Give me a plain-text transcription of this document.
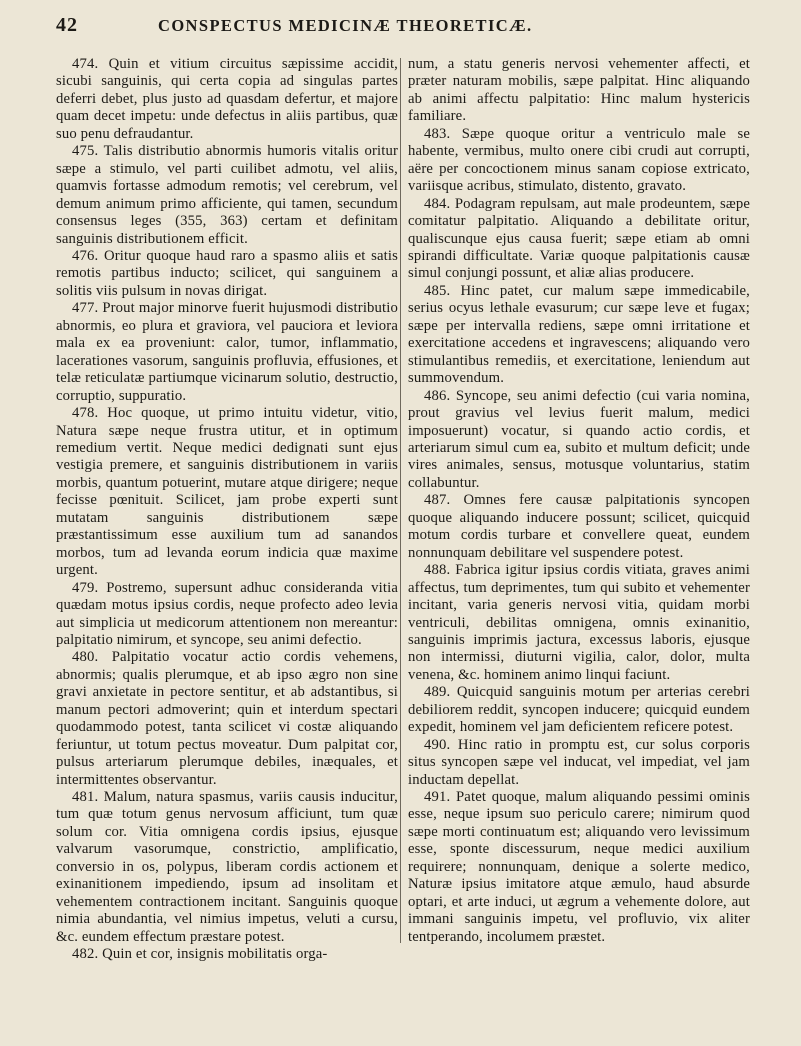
42	CONSPECTUS MEDICINÆ THEORETICÆ.

474. Quin et vitium circuitus sæpissime accidit, sicubi sanguinis, qui certa copia ad singulas partes deferri debet, plus justo ad quasdam defertur, et majore quam decet impetu: unde defectus in aliis partibus, quæ suo penu defraudantur.

475. Talis distributio abnormis humoris vitalis oritur sæpe a stimulo, vel parti cuilibet admotu, vel aliis, quamvis fortasse admodum remotis; vel cerebrum, vel demum animum primo afficiente, qui tamen, secundum consensus leges (355, 363) certam et definitam sanguinis distributionem efficit.

476. Oritur quoque haud raro a spasmo aliis et satis remotis partibus inducto; scilicet, qui sanguinem a solitis viis pulsum in novas dirigat.

477. Prout major minorve fuerit hujusmodi distributio abnormis, eo plura et graviora, vel pauciora et leviora mala ex ea proveniunt: calor, tumor, inflammatio, lacerationes vasorum, sanguinis profluvia, effusiones, et telæ reticulatæ partiumque vicinarum solutio, destructio, corruptio, suppuratio.

478. Hoc quoque, ut primo intuitu videtur, vitio, Natura sæpe neque frustra utitur, et in optimum remedium vertit. Neque medici dedignati sunt ejus vestigia premere, et sanguinis distributionem in variis morbis, quantum potuerint, mutare atque dirigere; neque fecisse pœnituit. Scilicet, jam probe experti sunt mutatam sanguinis distributionem sæpe præstantissimum esse auxilium tum ad sanandos morbos, tum ad levanda eorum indicia quæ maxime urgent.

479. Postremo, supersunt adhuc consideranda vitia quædam motus ipsius cordis, neque profecto adeo levia aut simplicia ut medicorum attentionem non mereantur: palpitatio nimirum, et syncope, seu animi defectio.

480. Palpitatio vocatur actio cordis vehemens, abnormis; qualis plerumque, et ab ipso ægro non sine gravi anxietate in pectore sentitur, et ab adstantibus, si manum pectori admoverint; quin et interdum spectari quodammodo potest, tanta scilicet vi costæ aliquando feriuntur, ut totum pectus moveatur. Dum palpitat cor, pulsus arteriarum plerumque debiles, inæquales, et intermittentes observantur.

481. Malum, natura spasmus, variis causis inducitur, tum quæ totum genus nervosum afficiunt, tum quæ solum cor. Vitia omnigena cordis ipsius, ejusque valvarum vasorumque, constrictio, amplificatio, conversio in os, polypus, liberam cordis actionem et exinanitionem impediendo, ipsum ad insolitam et vehementem contractionem incitant. Sanguinis quoque nimia abundantia, vel nimius impetus, veluti a cursu, &c. eundem effectum præstare potest.

482. Quin et cor, insignis mobilitatis orga-

num, a statu generis nervosi vehementer affecti, et præter naturam mobilis, sæpe palpitat. Hinc aliquando ab animi affectu palpitatio: Hinc malum hystericis familiare.

483. Sæpe quoque oritur a ventriculo male se habente, vermibus, multo onere cibi crudi aut corrupti, aëre per concoctionem minus sanam copiose extricato, variisque acribus, stimulato, distento, gravato.

484. Podagram repulsam, aut male prodeuntem, sæpe comitatur palpitatio. Aliquando a debilitate oritur, qualiscunque ejus causa fuerit; sæpe etiam ab omni spirandi difficultate. Variæ quoque palpitationis causæ simul conjungi possunt, et aliæ alias producere.

485. Hinc patet, cur malum sæpe immedicabile, serius ocyus lethale evasurum; cur sæpe leve et fugax; sæpe per intervalla rediens, sæpe omni irritatione et exercitatione accedens et ingravescens; aliquando vero stimulantibus remediis, et exercitatione, leniendum aut summovendum.

486. Syncope, seu animi defectio (cui varia nomina, prout gravius vel levius fuerit malum, medici imposuerunt) vocatur, si quando actio cordis, et arteriarum simul cum ea, subito et multum deficit; unde vires animales, sensus, motusque voluntarius, statim collabuntur.

487. Omnes fere causæ palpitationis syncopen quoque aliquando inducere possunt; scilicet, quicquid motum cordis turbare et convellere queat, eundem nonnunquam debilitare vel suspendere potest.

488. Fabrica igitur ipsius cordis vitiata, graves animi affectus, tum deprimentes, tum qui subito et vehementer incitant, varia generis nervosi vitia, quidam morbi ventriculi, debilitas omnigena, omnis exinanitio, sanguinis imprimis jactura, excessus laboris, ejusque non intermissi, diuturni vigilia, calor, dolor, multa venena, &c. hominem animo linqui faciunt.

489. Quicquid sanguinis motum per arterias cerebri debiliorem reddit, syncopen inducere; quicquid eundem expedit, hominem vel jam deficientem reficere potest.

490. Hinc ratio in promptu est, cur solus corporis situs syncopen sæpe vel inducat, vel impediat, vel jam inductam depellat.

491. Patet quoque, malum aliquando pessimi ominis esse, neque ipsum suo periculo carere; nimirum quod sæpe morti continuatum est; aliquando vero levissimum esse, sponte discessurum, neque medici auxilium requirere; nonnunquam, denique a solerte medico, Naturæ ipsius imitatore atque æmulo, haud absurde optari, et arte induci, ut ægrum a vehemente dolore, aut immani sanguinis impetu, vel profluvio, vix aliter tentperando, incolumem præstet.
